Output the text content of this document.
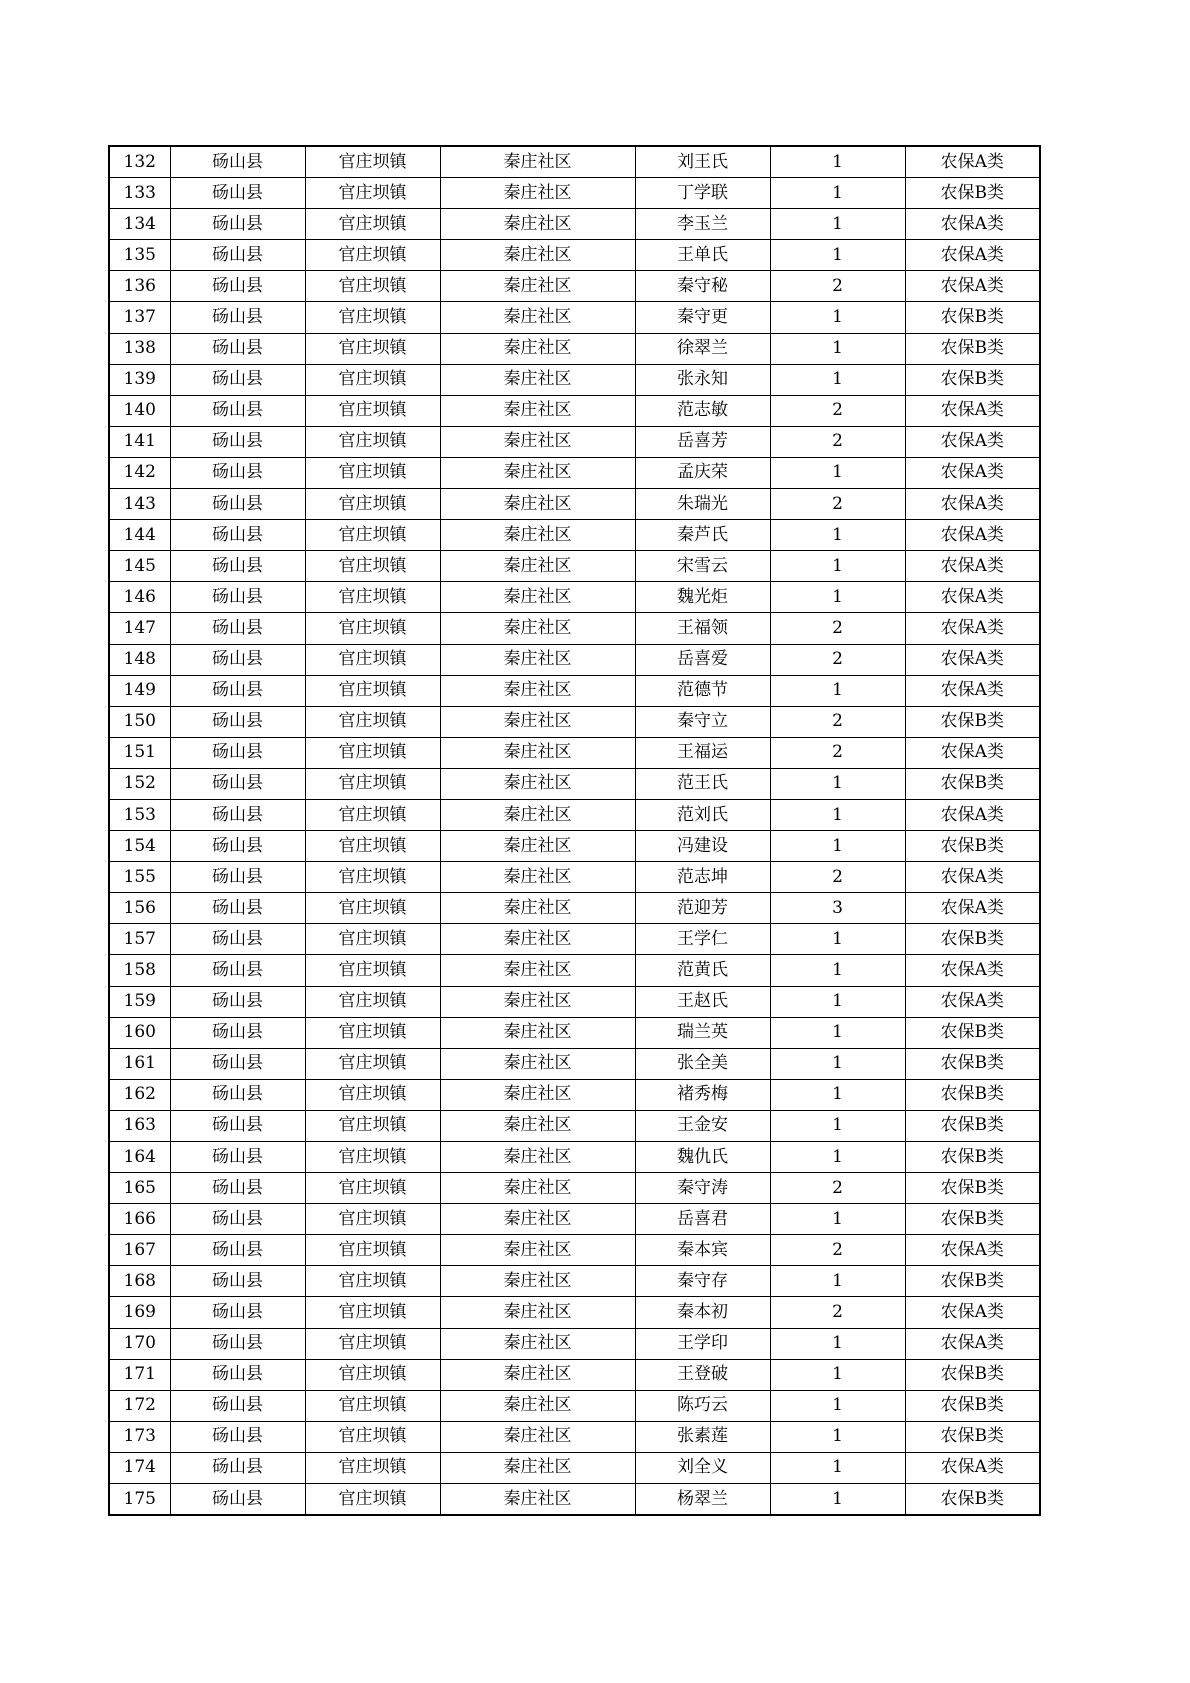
132	砀山县	官庄坝镇	秦庄社区	刘王氏	1	农保A类
133	砀山县	官庄坝镇	秦庄社区	丁学联	1	农保B类
134	砀山县	官庄坝镇	秦庄社区	李玉兰	1	农保A类
135	砀山县	官庄坝镇	秦庄社区	王单氏	1	农保A类
136	砀山县	官庄坝镇	秦庄社区	秦守秘	2	农保A类
137	砀山县	官庄坝镇	秦庄社区	秦守更	1	农保B类
138	砀山县	官庄坝镇	秦庄社区	徐翠兰	1	农保B类
139	砀山县	官庄坝镇	秦庄社区	张永知	1	农保B类
140	砀山县	官庄坝镇	秦庄社区	范志敏	2	农保A类
141	砀山县	官庄坝镇	秦庄社区	岳喜芳	2	农保A类
142	砀山县	官庄坝镇	秦庄社区	孟庆荣	1	农保A类
143	砀山县	官庄坝镇	秦庄社区	朱瑞光	2	农保A类
144	砀山县	官庄坝镇	秦庄社区	秦芦氏	1	农保A类
145	砀山县	官庄坝镇	秦庄社区	宋雪云	1	农保A类
146	砀山县	官庄坝镇	秦庄社区	魏光炬	1	农保A类
147	砀山县	官庄坝镇	秦庄社区	王福领	2	农保A类
148	砀山县	官庄坝镇	秦庄社区	岳喜爱	2	农保A类
149	砀山县	官庄坝镇	秦庄社区	范德节	1	农保A类
150	砀山县	官庄坝镇	秦庄社区	秦守立	2	农保B类
151	砀山县	官庄坝镇	秦庄社区	王福运	2	农保A类
152	砀山县	官庄坝镇	秦庄社区	范王氏	1	农保B类
153	砀山县	官庄坝镇	秦庄社区	范刘氏	1	农保A类
154	砀山县	官庄坝镇	秦庄社区	冯建设	1	农保B类
155	砀山县	官庄坝镇	秦庄社区	范志坤	2	农保A类
156	砀山县	官庄坝镇	秦庄社区	范迎芳	3	农保A类
157	砀山县	官庄坝镇	秦庄社区	王学仁	1	农保B类
158	砀山县	官庄坝镇	秦庄社区	范黄氏	1	农保A类
159	砀山县	官庄坝镇	秦庄社区	王赵氏	1	农保A类
160	砀山县	官庄坝镇	秦庄社区	瑞兰英	1	农保B类
161	砀山县	官庄坝镇	秦庄社区	张全美	1	农保B类
162	砀山县	官庄坝镇	秦庄社区	褚秀梅	1	农保B类
163	砀山县	官庄坝镇	秦庄社区	王金安	1	农保B类
164	砀山县	官庄坝镇	秦庄社区	魏仇氏	1	农保B类
165	砀山县	官庄坝镇	秦庄社区	秦守涛	2	农保B类
166	砀山县	官庄坝镇	秦庄社区	岳喜君	1	农保B类
167	砀山县	官庄坝镇	秦庄社区	秦本宾	2	农保A类
168	砀山县	官庄坝镇	秦庄社区	秦守存	1	农保B类
169	砀山县	官庄坝镇	秦庄社区	秦本初	2	农保A类
170	砀山县	官庄坝镇	秦庄社区	王学印	1	农保A类
171	砀山县	官庄坝镇	秦庄社区	王登破	1	农保B类
172	砀山县	官庄坝镇	秦庄社区	陈巧云	1	农保B类
173	砀山县	官庄坝镇	秦庄社区	张素莲	1	农保B类
174	砀山县	官庄坝镇	秦庄社区	刘全义	1	农保A类
175	砀山县	官庄坝镇	秦庄社区	杨翠兰	1	农保B类
